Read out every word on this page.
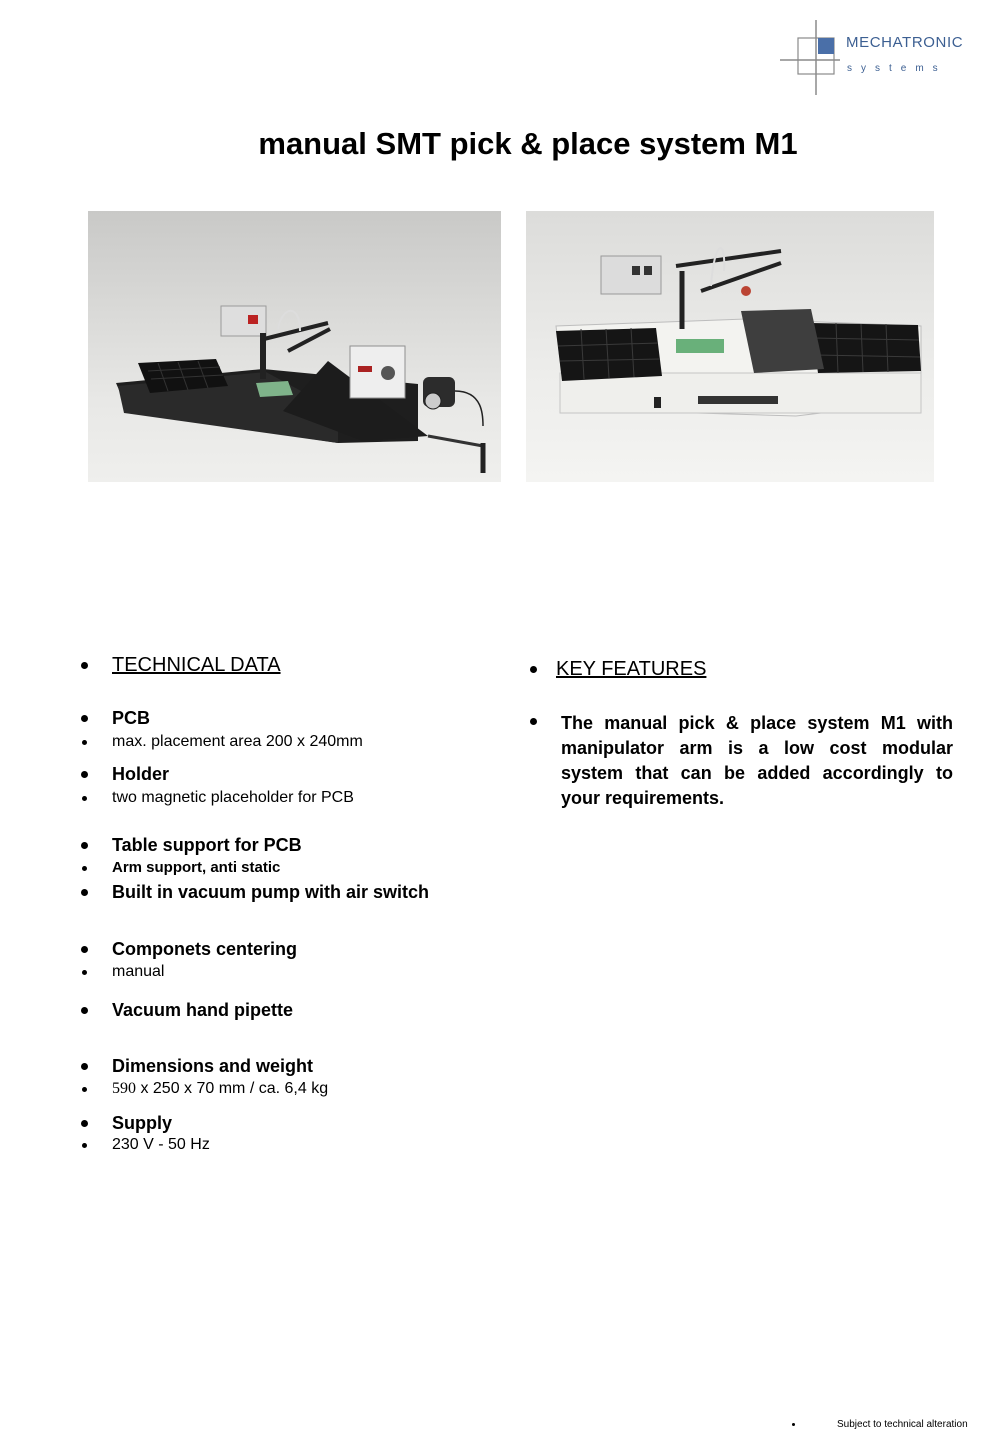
MECHATRONIC
systems
manual SMT pick & place system M1
TECHNICAL DATA
PCB
max. placement area 200 x 240mm
Holder
two magnetic placeholder for PCB
Table support for PCB
Arm support, anti static
Built in vacuum pump with air switch
Componets centering
manual
Vacuum hand pipette
Dimensions and weight
590 x 250 x 70 mm / ca. 6,4 kg
Supply
230 V - 50 Hz
KEY FEATURES
The manual pick & place system M1 with manipulator arm is a low cost modular system that can be added accordingly to your requirements.
Subject to technical alteration
